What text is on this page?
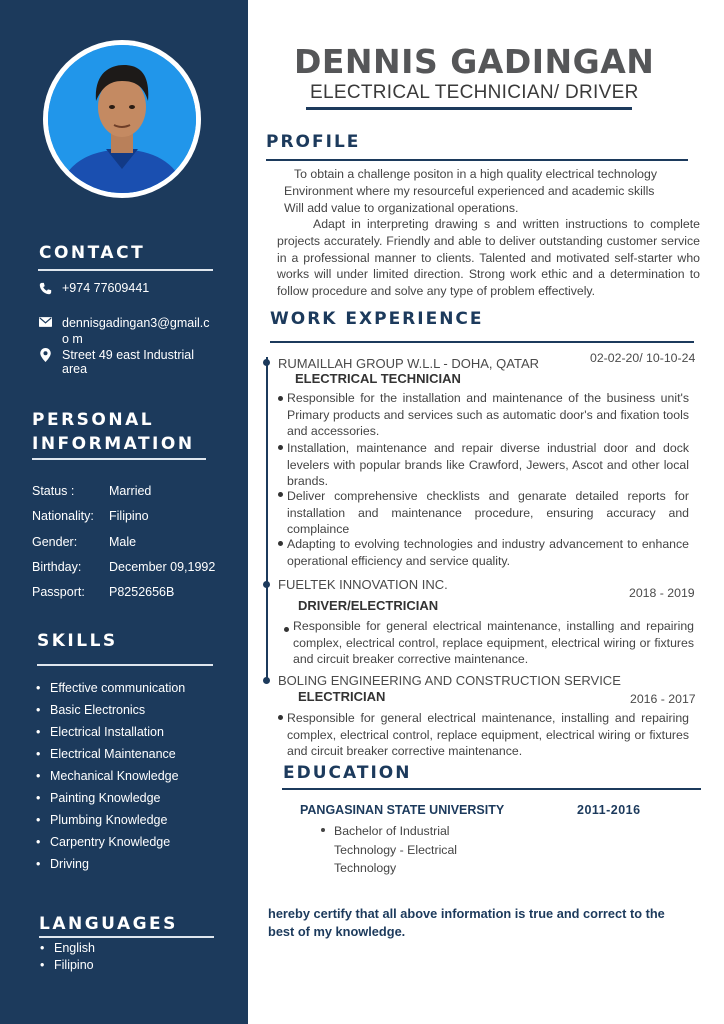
CONTACT
+974 77609441
dennisgadingan3@gmail.co m
Street 49 east Industrial area
PERSONAL INFORMATION
Status :	Married
Nationality: Filipino
Gender:	Male
Birthday: December 09,1992
Passport: P8252656B
SKILLS
• Effective communication
• Basic Electronics
• Electrical Installation
• Electrical Maintenance
• Mechanical Knowledge
• Painting Knowledge
• Plumbing Knowledge
• Carpentry Knowledge
• Driving
LANGUAGES
• English
• Filipino
DENNIS GADINGAN
ELECTRICAL TECHNICIAN/ DRIVER
PROFILE
To obtain a challenge positon in a high quality electrical technology
Environment where my resourceful experienced and academic skills
Will add value to organizational operations.
Adapt in interpreting drawing s and written instructions to complete projects accurately. Friendly and able to deliver outstanding customer service in a professional manner to clients. Talented and motivated self-starter who works will under limited direction. Strong work ethic and a determination to follow procedure and solve any type of problem effectively.
WORK EXPERIENCE
RUMAILLAH GROUP W.L.L - DOHA, QATAR	02-02-20/ 10-10-24
ELECTRICAL TECHNICIAN
Responsible for the installation and maintenance of the business unit's Primary products and services such as automatic door's and fixation tools and accessories.
Installation, maintenance and repair diverse industrial door and dock levelers with popular brands like Crawford, Jewers, Ascot and other local brands.
Deliver comprehensive checklists and genarate detailed reports for installation and maintenance procedure, ensuring accuracy and complaince
Adapting to evolving technologies and industry advancement to enhance operational efficiency and service quality.
FUELTEK INNOVATION INC.
2018 - 2019
DRIVER/ELECTRICIAN
Responsible for general electrical maintenance, installing and repairing complex, electrical control, replace equipment, electrical wiring or fixtures and circuit breaker corrective maintenance.
BOLING ENGINEERING AND CONSTRUCTION SERVICE
2016 - 2017
ELECTRICIAN
Responsible for general electrical maintenance, installing and repairing complex, electrical control, replace equipment, electrical wiring or fixtures and circuit breaker corrective maintenance.
EDUCATION
PANGASINAN STATE UNIVERSITY	2011-2016
Bachelor of Industrial Technology - Electrical Technology
hereby certify that all above information is true and correct to the best of my knowledge.
